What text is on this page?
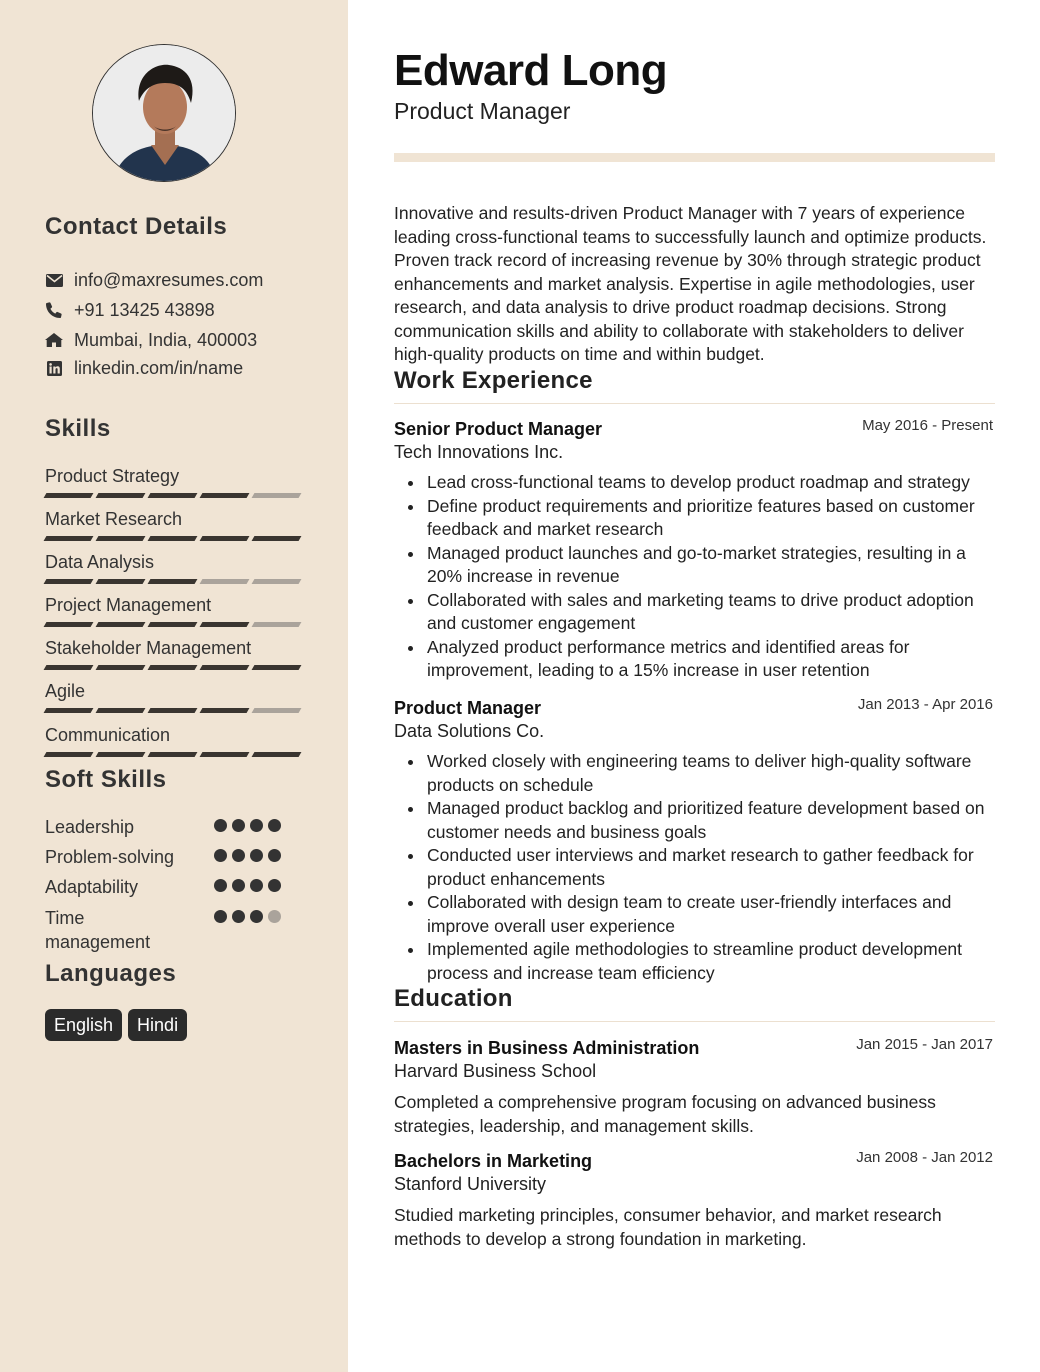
Contact Details
info@maxresumes.com
+91 13425 43898
Mumbai, India, 400003
linkedin.com/in/name
Skills
Product Strategy
Market Research
Data Analysis
Project Management
Stakeholder Management
Agile
Communication
Soft Skills
Leadership
Problem-solving
Adaptability
Time management
Languages
English	Hindi
Edward Long
Product Manager

Innovative and results-driven Product Manager with 7 years of experience leading cross-functional teams to successfully launch and optimize products. Proven track record of increasing revenue by 30% through strategic product enhancements and market analysis. Expertise in agile methodologies, user research, and data analysis to drive product roadmap decisions. Strong communication skills and ability to collaborate with stakeholders to deliver high-quality products on time and within budget.

Work Experience
Senior Product Manager	May 2016 - Present
Tech Innovations Inc.
Lead cross-functional teams to develop product roadmap and strategy
Define product requirements and prioritize features based on customer feedback and market research
Managed product launches and go-to-market strategies, resulting in a 20% increase in revenue
Collaborated with sales and marketing teams to drive product adoption and customer engagement
Analyzed product performance metrics and identified areas for improvement, leading to a 15% increase in user retention
Product Manager	Jan 2013 - Apr 2016
Data Solutions Co.
Worked closely with engineering teams to deliver high-quality software products on schedule
Managed product backlog and prioritized feature development based on customer needs and business goals
Conducted user interviews and market research to gather feedback for product enhancements
Collaborated with design team to create user-friendly interfaces and improve overall user experience
Implemented agile methodologies to streamline product development process and increase team efficiency
Education
Masters in Business Administration	Jan 2015 - Jan 2017
Harvard Business School

Completed a comprehensive program focusing on advanced business strategies, leadership, and management skills.

Bachelors in Marketing	Jan 2008 - Jan 2012
Stanford University

Studied marketing principles, consumer behavior, and market research methods to develop a strong foundation in marketing.
